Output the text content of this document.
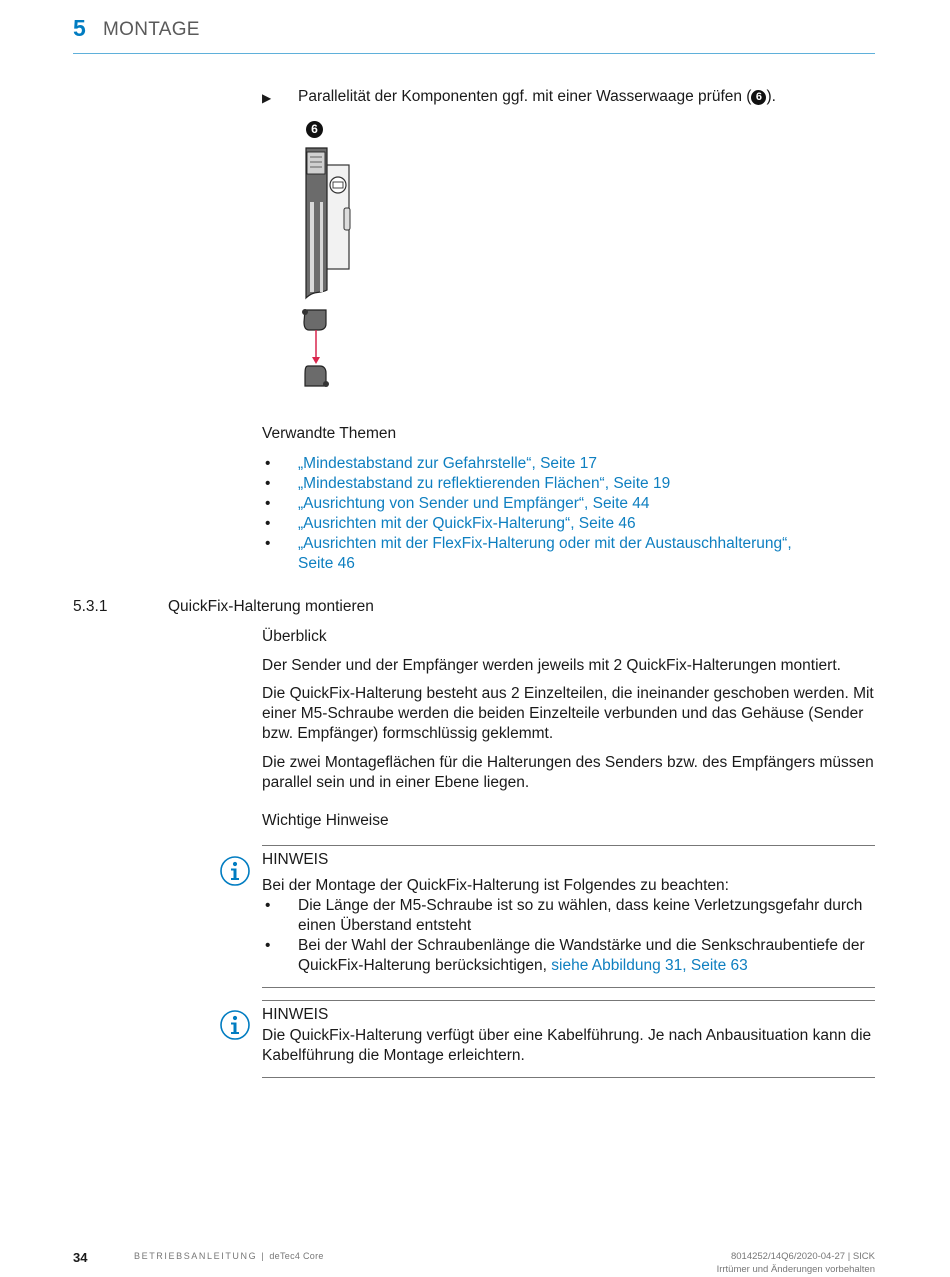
5 MONTAGE
▶ Parallelität der Komponenten ggf. mit einer Wasserwaage prüfen ( 6 ).
6
Verwandte Themen
• „Mindestabstand zur Gefahrstelle“, Seite 17
• „Mindestabstand zu reflektierenden Flächen“, Seite 19
• „Ausrichtung von Sender und Empfänger“, Seite 44
• „Ausrichten mit der QuickFix-Halterung“, Seite 46
• „Ausrichten mit der FlexFix-Halterung oder mit der Austauschhalterung“, Seite 46
5.3.1	QuickFix-Halterung montieren
Überblick
Der Sender und der Empfänger werden jeweils mit 2 QuickFix-Halterungen montiert.
Die QuickFix-Halterung besteht aus 2 Einzelteilen, die ineinander geschoben werden. Mit einer M5-Schraube werden die beiden Einzelteile verbunden und das Gehäuse (Sender bzw. Empfänger) formschlüssig geklemmt.
Die zwei Montageflächen für die Halterungen des Senders bzw. des Empfängers müssen parallel sein und in einer Ebene liegen.
Wichtige Hinweise
HINWEIS
Bei der Montage der QuickFix-Halterung ist Folgendes zu beachten:
• Die Länge der M5-Schraube ist so zu wählen, dass keine Verletzungsgefahr durch einen Überstand entsteht
• Bei der Wahl der Schraubenlänge die Wandstärke und die Senkschraubentiefe der QuickFix-Halterung berücksichtigen, siehe Abbildung 31, Seite 63
HINWEIS
Die QuickFix-Halterung verfügt über eine Kabelführung. Je nach Anbausituation kann die Kabelführung die Montage erleichtern.
34	BETRIEBSANLEITUNG | deTec4 Core	8014252/14Q6/2020-04-27 | SICK
Irrtümer und Änderungen vorbehalten
